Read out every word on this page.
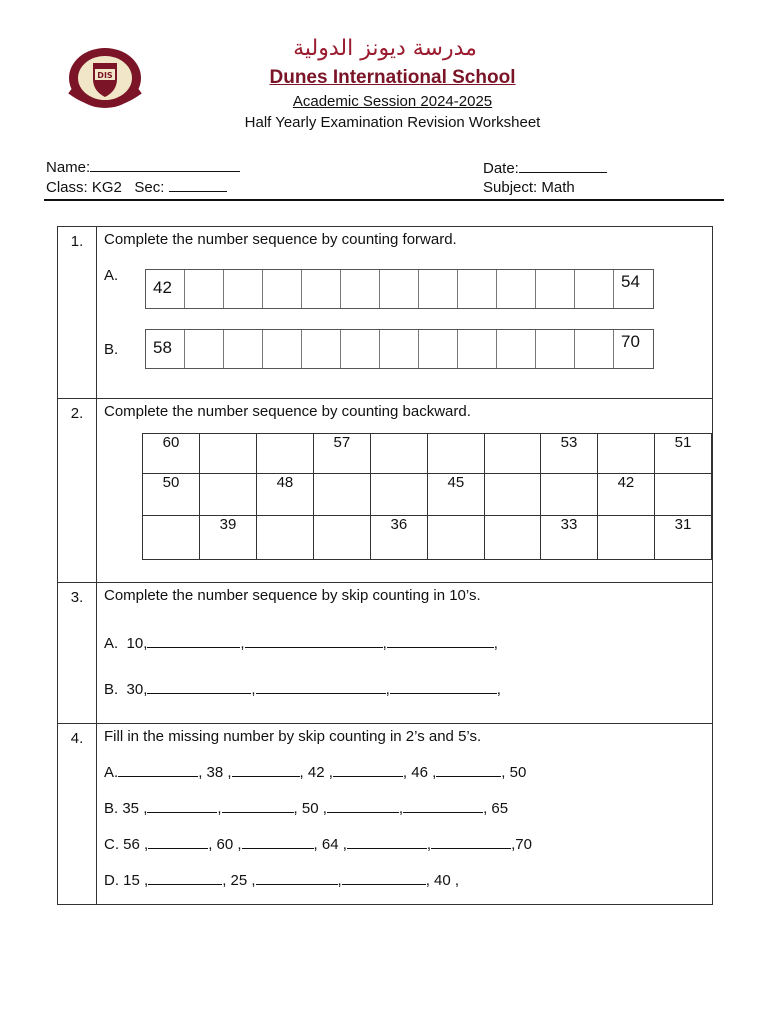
DIS
مدرسة ديونز الدولية
Dunes International School
Academic Session 2024-2025
Half Yearly Examination Revision Worksheet
Name:
Class: KG2 Sec:
Date:
Subject: Math
1.	Complete the number sequence by counting forward.
A.
42	54
B.	58	70

2.	Complete the number sequence by counting backward.
60			57				53		51
50		48			45			42	
	39			36			33		31

3.	Complete the number sequence by skip counting in 10’s.
A. 10,	,	,	,
B. 30,	,	,	,

4.	Fill in the missing number by skip counting in 2’s and 5’s.
A.	, 38 ,	, 42 ,	, 46 ,	, 50
B. 35 ,	,	, 50 ,	,	, 65
C. 56 ,	, 60 ,	, 64 ,	,	,70
D. 15 ,	, 25 ,	,	, 40 ,
